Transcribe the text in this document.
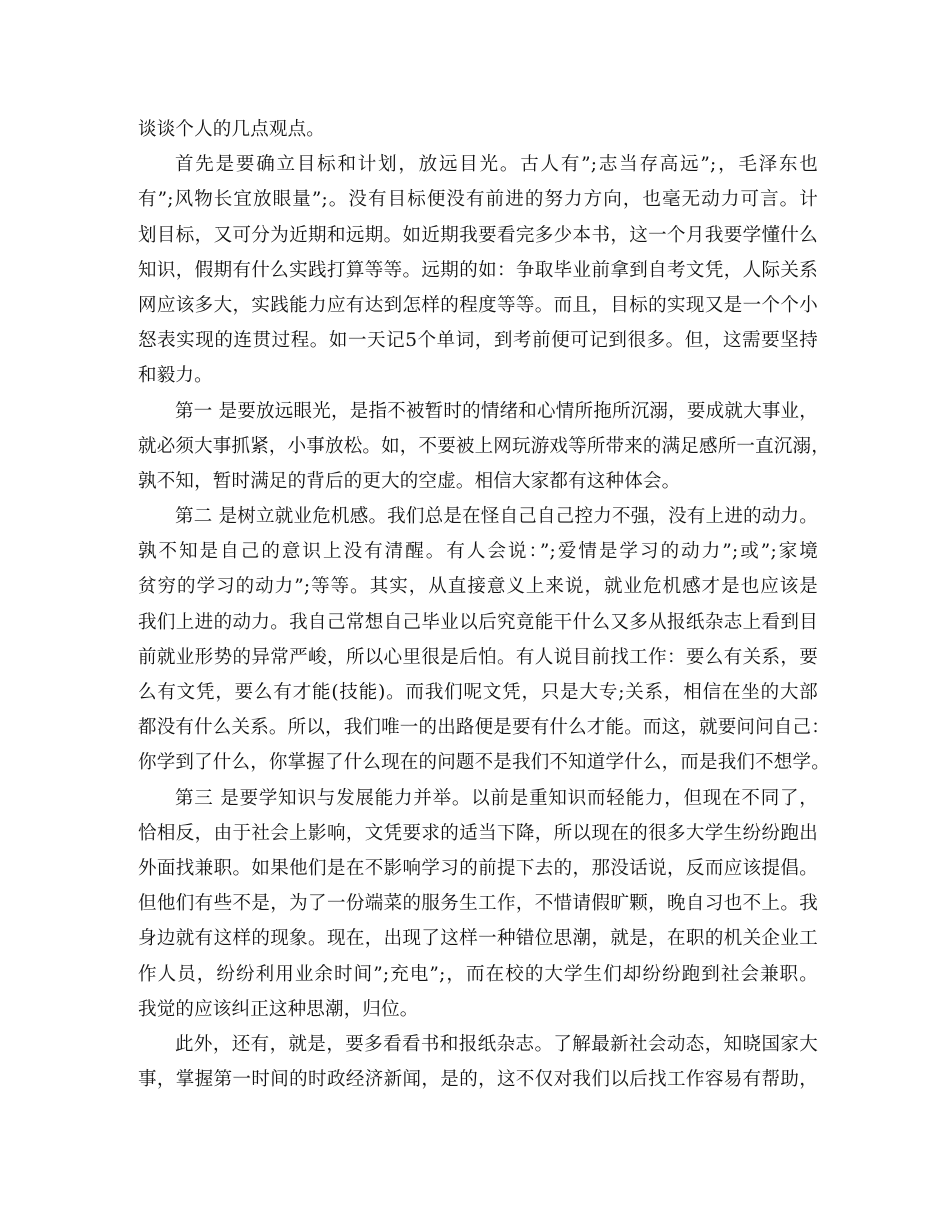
谈谈个人的几点观点。
首先是要确立目标和计划，放远目光。古人有”;志当存高远”;，毛泽东也
有”;风物长宜放眼量”;。没有目标便没有前进的努力方向，也毫无动力可言。计
划目标，又可分为近期和远期。如近期我要看完多少本书，这一个月我要学懂什么
知识，假期有什么实践打算等等。远期的如：争取毕业前拿到自考文凭，人际关系
网应该多大，实践能力应有达到怎样的程度等等。而且，目标的实现又是一个个小
怒表实现的连贯过程。如一天记5个单词，到考前便可记到很多。但，这需要坚持
和毅力。
第一 是要放远眼光，是指不被暂时的情绪和心情所拖所沉溺，要成就大事业，
就必须大事抓紧，小事放松。如，不要被上网玩游戏等所带来的满足感所一直沉溺，
孰不知，暂时满足的背后的更大的空虚。相信大家都有这种体会。
第二 是树立就业危机感。我们总是在怪自己自己控力不强，没有上进的动力。
孰不知是自己的意识上没有清醒。有人会说：”;爱情是学习的动力”;或”;家境
贫穷的学习的动力”;等等。其实，从直接意义上来说，就业危机感才是也应该是
我们上进的动力。我自己常想自己毕业以后究竟能干什么又多从报纸杂志上看到目
前就业形势的异常严峻，所以心里很是后怕。有人说目前找工作：要么有关系，要
么有文凭，要么有才能(技能)。而我们呢文凭，只是大专;关系，相信在坐的大部
都没有什么关系。所以，我们唯一的出路便是要有什么才能。而这，就要问问自己：
你学到了什么，你掌握了什么现在的问题不是我们不知道学什么，而是我们不想学。
第三 是要学知识与发展能力并举。以前是重知识而轻能力，但现在不同了，
恰相反，由于社会上影响，文凭要求的适当下降，所以现在的很多大学生纷纷跑出
外面找兼职。如果他们是在不影响学习的前提下去的，那没话说，反而应该提倡。
但他们有些不是，为了一份端菜的服务生工作，不惜请假旷颗，晚自习也不上。我
身边就有这样的现象。现在，出现了这样一种错位思潮，就是，在职的机关企业工
作人员，纷纷利用业余时间”;充电”;，而在校的大学生们却纷纷跑到社会兼职。
我觉的应该纠正这种思潮，归位。
此外，还有，就是，要多看看书和报纸杂志。了解最新社会动态，知晓国家大
事，掌握第一时间的时政经济新闻，是的，这不仅对我们以后找工作容易有帮助，
